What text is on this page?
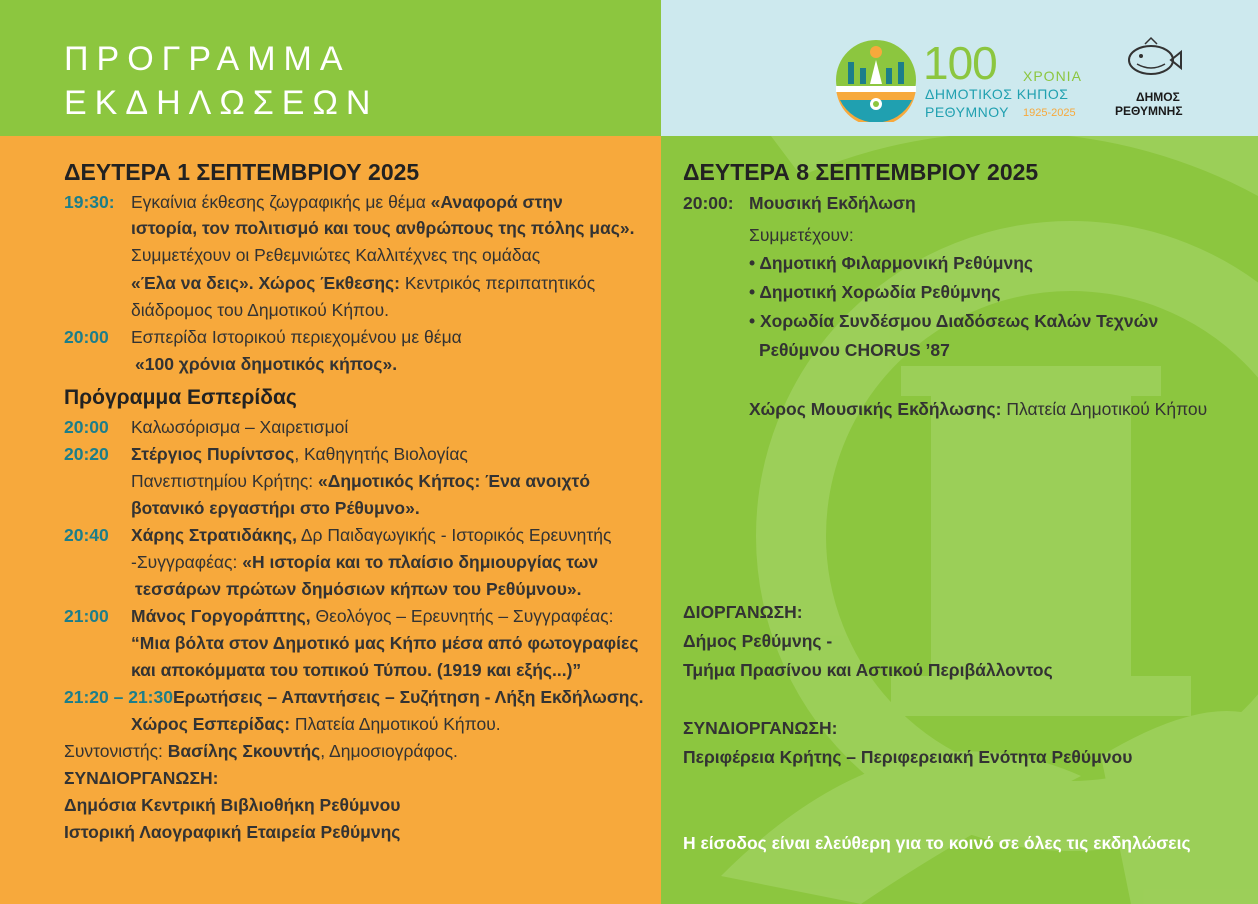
ΠΡΟΓΡΑΜΜΑ
ΕΚΔΗΛΩΣΕΩΝ
100 ΧΡΟΝΙΑ
ΔΗΜΟΤΙΚΟΣ ΚΗΠΟΣ
ΡΕΘΥΜΝΟΥ 1925-2025
ΔΗΜΟΣ
ΡΕΘΥΜΝΗΣ
ΔΕΥΤΕΡΑ 1 ΣΕΠΤΕΜΒΡΙΟΥ 2025
19:30: Εγκαίνια έκθεσης ζωγραφικής με θέμα «Αναφορά στην
ιστορία, τον πολιτισμό και τους ανθρώπους της πόλης μας».
Συμμετέχουν οι Ρεθεμνιώτες Καλλιτέχνες της ομάδας
«Έλα να δεις». Χώρος Έκθεσης: Κεντρικός περιπατητικός
διάδρομος του Δημοτικού Κήπου.
20:00 Εσπερίδα Ιστορικού περιεχομένου με θέμα
«100 χρόνια δημοτικός κήπος».
Πρόγραμμα Εσπερίδας
20:00 Καλωσόρισμα – Χαιρετισμοί
20:20 Στέργιος Πυρίντσος, Καθηγητής Βιολογίας
Πανεπιστημίου Κρήτης: «Δημοτικός Κήπος: Ένα ανοιχτό
βοτανικό εργαστήρι στο Ρέθυμνο».
20:40 Χάρης Στρατιδάκης, Δρ Παιδαγωγικής - Ιστορικός Ερευνητής
-Συγγραφέας: «Η ιστορία και το πλαίσιο δημιουργίας των
τεσσάρων πρώτων δημόσιων κήπων του Ρεθύμνου».
21:00 Μάνος Γοργοράπτης, Θεολόγος – Ερευνητής – Συγγραφέας:
“Μια βόλτα στον Δημοτικό μας Κήπο μέσα από φωτογραφίες
και αποκόμματα του τοπικού Τύπου. (1919 και εξής...)”
21:20 – 21:30 Ερωτήσεις – Απαντήσεις – Συζήτηση - Λήξη Εκδήλωσης.
Χώρος Εσπερίδας: Πλατεία Δημοτικού Κήπου.
Συντονιστής: Βασίλης Σκουντής, Δημοσιογράφος.
ΣΥΝΔΙΟΡΓΑΝΩΣΗ:
Δημόσια Κεντρική Βιβλιοθήκη Ρεθύμνου
Ιστορική Λαογραφική Εταιρεία Ρεθύμνης
ΔΕΥΤΕΡΑ 8 ΣΕΠΤΕΜΒΡΙΟΥ 2025
20:00: Μουσική Εκδήλωση
Συμμετέχουν:
• Δημοτική Φιλαρμονική Ρεθύμνης
• Δημοτική Χορωδία Ρεθύμνης
• Χορωδία Συνδέσμου Διαδόσεως Καλών Τεχνών
Ρεθύμνου CHORUS ’87
Χώρος Μουσικής Εκδήλωσης: Πλατεία Δημοτικού Κήπου
ΔΙΟΡΓΑΝΩΣΗ:
Δήμος Ρεθύμνης -
Τμήμα Πρασίνου και Αστικού Περιβάλλοντος
ΣΥΝΔΙΟΡΓΑΝΩΣΗ:
Περιφέρεια Κρήτης – Περιφερειακή Ενότητα Ρεθύμνου
Η είσοδος είναι ελεύθερη για το κοινό σε όλες τις εκδηλώσεις
